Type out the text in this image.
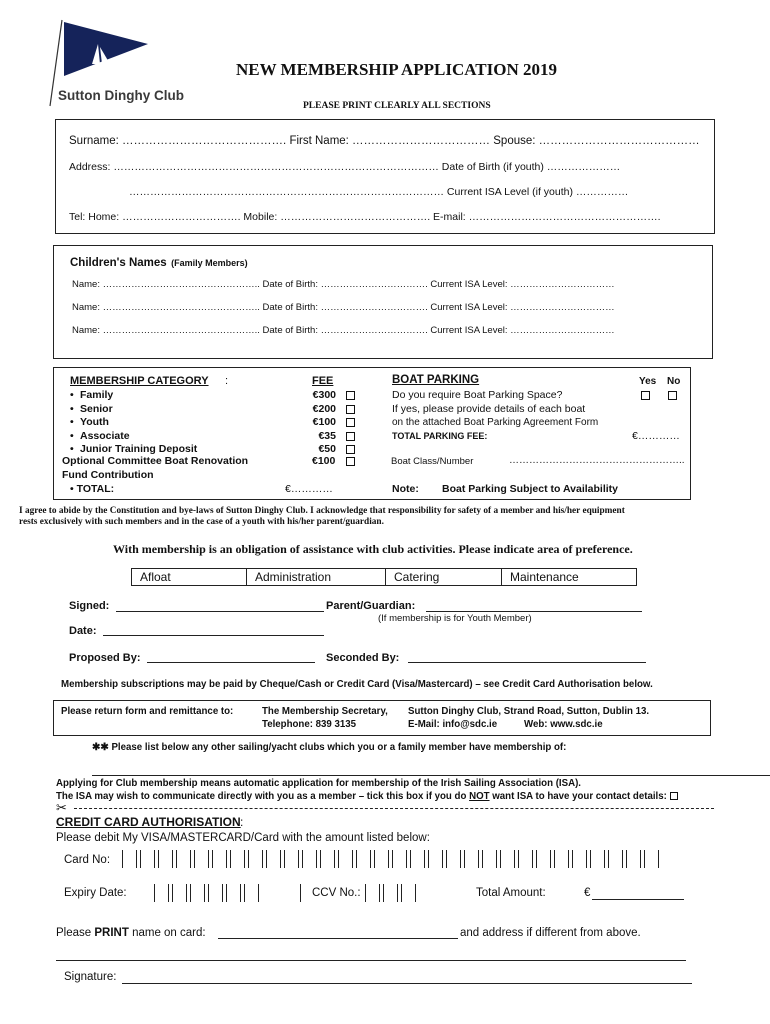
Sutton Dinghy Club
NEW MEMBERSHIP APPLICATION 2019
PLEASE PRINT CLEARLY ALL SECTIONS
Surname: ……………………………………. First Name: ……………………………… Spouse: ……………………………………
Address: ………………………………………………………………………………… Date of Birth (if youth) …………………
……………………………………………………………………………… Current ISA Level (if youth) ……………
Tel: Home: ……………………………. Mobile: ……………………………………. E-mail: ……………………………………………….
Children's Names (Family Members)
Name: ………………………………………….. Date of Birth: ……………………………. Current ISA Level: ……………………………
Name: ………………………………………….. Date of Birth: ……………………………. Current ISA Level: ……………………………
Name: ………………………………………….. Date of Birth: ……………………………. Current ISA Level: ……………………………
MEMBERSHIP CATEGORY :	FEE
• Family	€300
• Senior	€200
• Youth	€100
• Associate	€35
• Junior Training Deposit	€50
Optional Committee Boat Renovation
Fund Contribution
€100
• TOTAL:	€…………
BOAT PARKING	Yes No
Do you require Boat Parking Space?
If yes, please provide details of each boat
on the attached Boat Parking Agreement Form
TOTAL PARKING FEE:	€…………
Boat Class/Number	……………………………………………..
Note: Boat Parking Subject to Availability
I agree to abide by the Constitution and bye-laws of Sutton Dinghy Club. I acknowledge that responsibility for safety of a member and his/her equipment
rests exclusively with such members and in the case of a youth with his/her parent/guardian.
With membership is an obligation of assistance with club activities. Please indicate area of preference.
Afloat	Administration	Catering	Maintenance
Signed:	Parent/Guardian:
(If membership is for Youth Member)
Date:
Proposed By:	Seconded By:
Membership subscriptions may be paid by Cheque/Cash or Credit Card (Visa/Mastercard) – see Credit Card Authorisation below.
Please return form and remittance to:	The Membership Secretary, Sutton Dinghy Club, Strand Road, Sutton, Dublin 13.
Telephone: 839 3135	E-Mail: info@sdc.ie	Web: www.sdc.ie
✱✱ Please list below any other sailing/yacht clubs which you or a family member have membership of:
Applying for Club membership means automatic application for membership of the Irish Sailing Association (ISA).
The ISA may wish to communicate directly with you as a member – tick this box if you do NOT want ISA to have your contact details:
✂
CREDIT CARD AUTHORISATION :
Please debit My VISA/MASTERCARD/Card with the amount listed below:
Card No:
Expiry Date:	CCV No.:	Total Amount:	€
Please PRINT name on card:	and address if different from above.
Signature:
